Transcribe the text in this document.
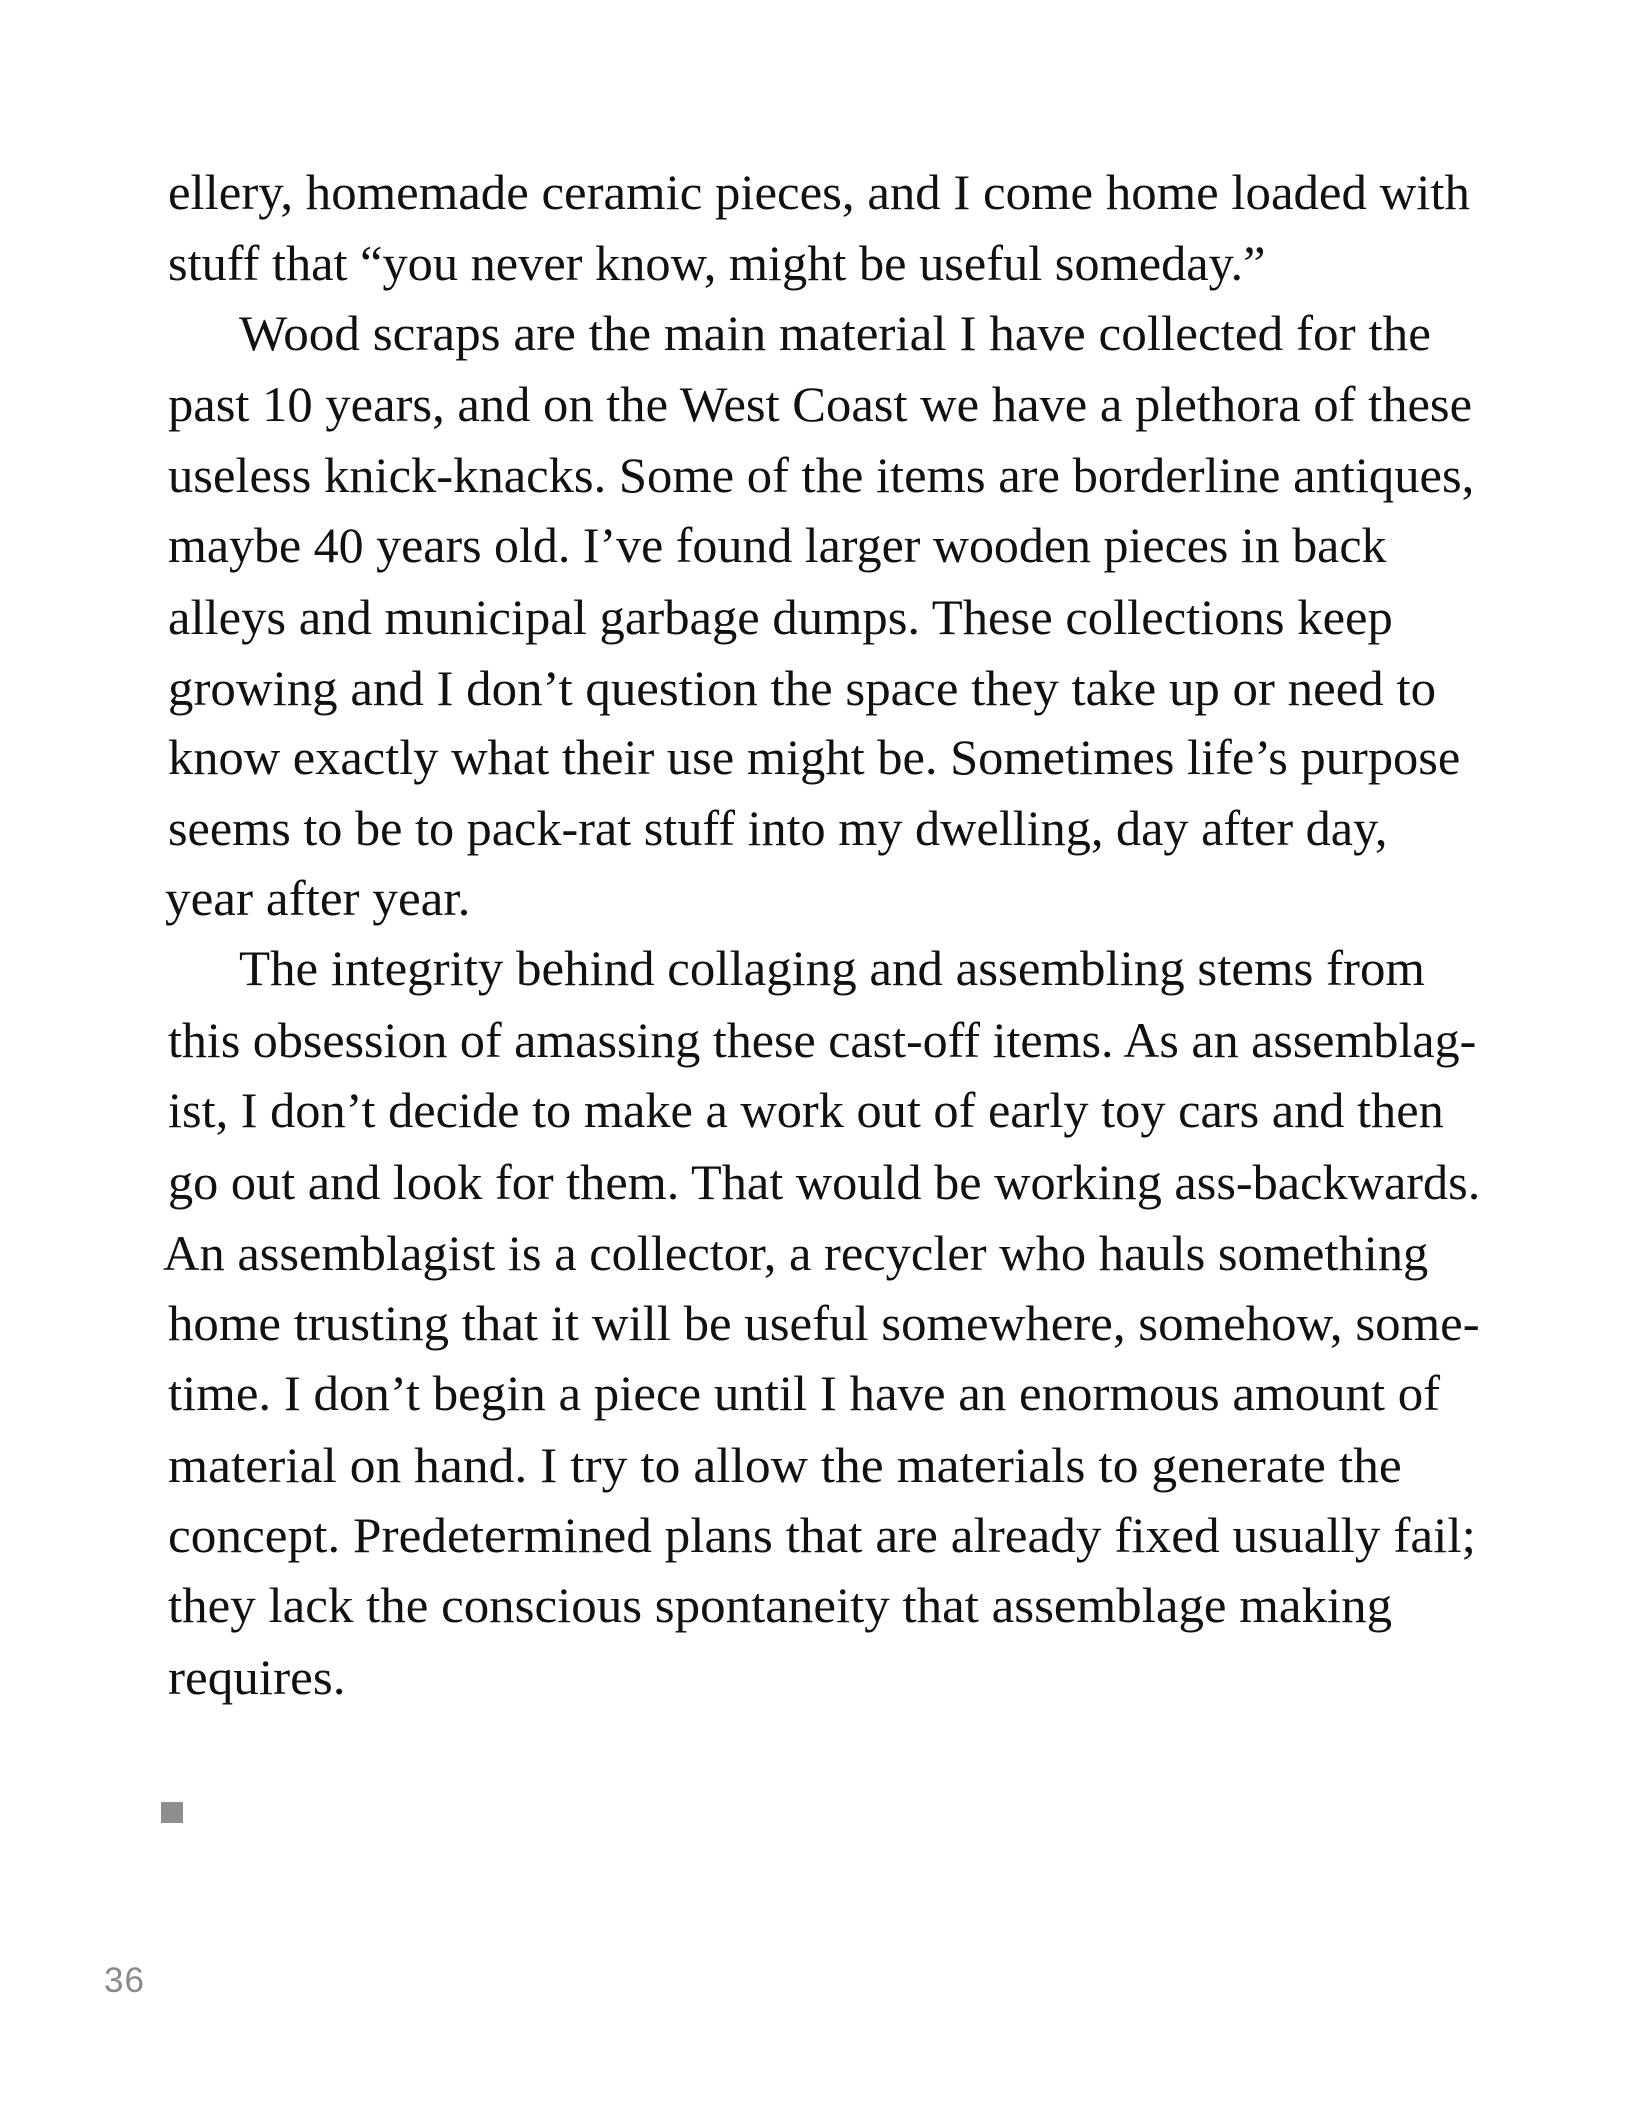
ellery, homemade ceramic pieces, and I come home loaded with
stuff that “you never know, might be useful someday.”
Wood scraps are the main material I have collected for the
past 10 years, and on the West Coast we have a plethora of these
useless knick-knacks. Some of the items are borderline antiques,
maybe 40 years old. I’ve found larger wooden pieces in back
alleys and municipal garbage dumps. These collections keep
growing and I don’t question the space they take up or need to
know exactly what their use might be. Sometimes life’s purpose
seems to be to pack-rat stuff into my dwelling, day after day,
year after year.
The integrity behind collaging and assembling stems from
this obsession of amassing these cast-off items. As an assemblag-
ist, I don’t decide to make a work out of early toy cars and then
go out and look for them. That would be working ass-backwards.
An assemblagist is a collector, a recycler who hauls something
home trusting that it will be useful somewhere, somehow, some-
time. I don’t begin a piece until I have an enormous amount of
material on hand. I try to allow the materials to generate the
concept. Predetermined plans that are already fixed usually fail;
they lack the conscious spontaneity that assemblage making
requires.
36
